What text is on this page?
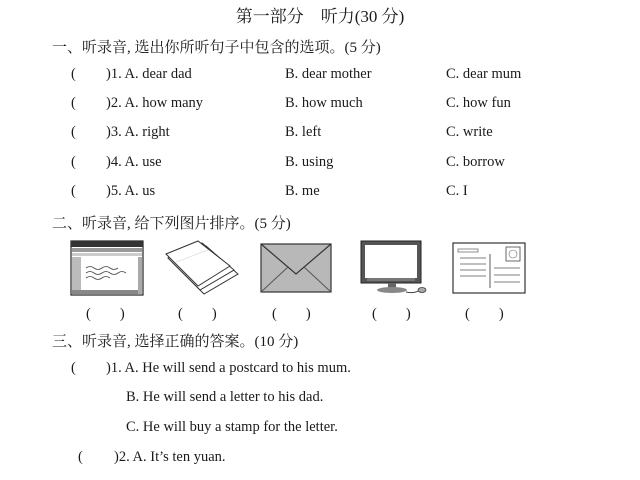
第一部分　听力(30 分)
一、听录音, 选出你所听句子中包含的选项。(5 分)
( )1. A. dear dad	B. dear mother	C. dear mum
( )2. A. how many	B. how much	C. how fun
( )3. A. right	B. left	C. write
( )4. A. use	B. using	C. borrow
( )5. A. us	B. me	C. I
二、听录音, 给下列图片排序。(5 分)
(　　)	(　　)	(　　)	(　　)	(　　)
三、听录音, 选择正确的答案。(10 分)
( )1. A. He will send a postcard to his mum.
B. He will send a letter to his dad.
C. He will buy a stamp for the letter.
( )2. A. It’s ten yuan.
